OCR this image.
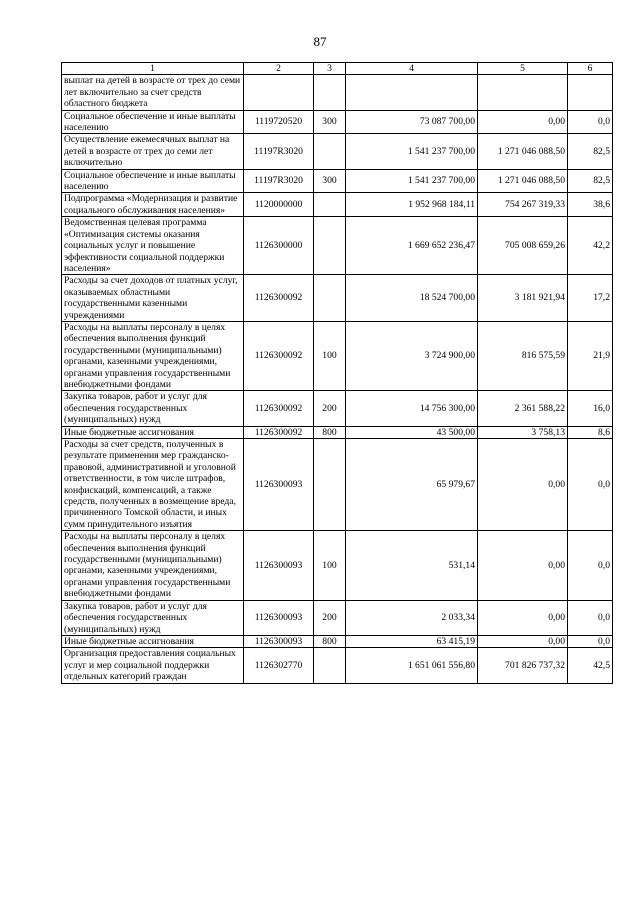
87
1	2	3	4	5	6
выплат на детей в возрасте от трех до семи лет включительно за счет средств областного бюджета					
Социальное обеспечение и иные выплаты населению	1119720520	300	73 087 700,00	0,00	0,0
Осуществление ежемесячных выплат на детей в возрасте от трех до семи лет включительно	11197R3020		1 541 237 700,00	1 271 046 088,50	82,5
Социальное обеспечение и иные выплаты населению	11197R3020	300	1 541 237 700,00	1 271 046 088,50	82,5
Подпрограмма «Модернизация и развитие социального обслуживания населения»	1120000000		1 952 968 184,11	754 267 319,33	38,6
Ведомственная целевая программа «Оптимизация системы оказания социальных услуг и повышение эффективности социальной поддержки населения»	1126300000		1 669 652 236,47	705 008 659,26	42,2
Расходы за счет доходов от платных услуг, оказываемых областными государственными казенными учреждениями	1126300092		18 524 700,00	3 181 921,94	17,2
Расходы на выплаты персоналу в целях обеспечения выполнения функций государственными (муниципальными) органами, казенными учреждениями, органами управления государственными внебюджетными фондами	1126300092	100	3 724 900,00	816 575,59	21,9
Закупка товаров, работ и услуг для обеспечения государственных (муниципальных) нужд	1126300092	200	14 756 300,00	2 361 588,22	16,0
Иные бюджетные ассигнования	1126300092	800	43 500,00	3 758,13	8,6
Расходы за счет средств, полученных в результате применения мер гражданско-правовой, административной и уголовной ответственности, в том числе штрафов, конфискаций, компенсаций, а также средств, полученных в возмещение вреда, причиненного Томской области, и иных сумм принудительного изъятия	1126300093		65 979,67	0,00	0,0
Расходы на выплаты персоналу в целях обеспечения выполнения функций государственными (муниципальными) органами, казенными учреждениями, органами управления государственными внебюджетными фондами	1126300093	100	531,14	0,00	0,0
Закупка товаров, работ и услуг для обеспечения государственных (муниципальных) нужд	1126300093	200	2 033,34	0,00	0,0
Иные бюджетные ассигнования	1126300093	800	63 415,19	0,00	0,0
Организация предоставления социальных услуг и мер социальной поддержки отдельных категорий граждан	1126302770		1 651 061 556,80	701 826 737,32	42,5
